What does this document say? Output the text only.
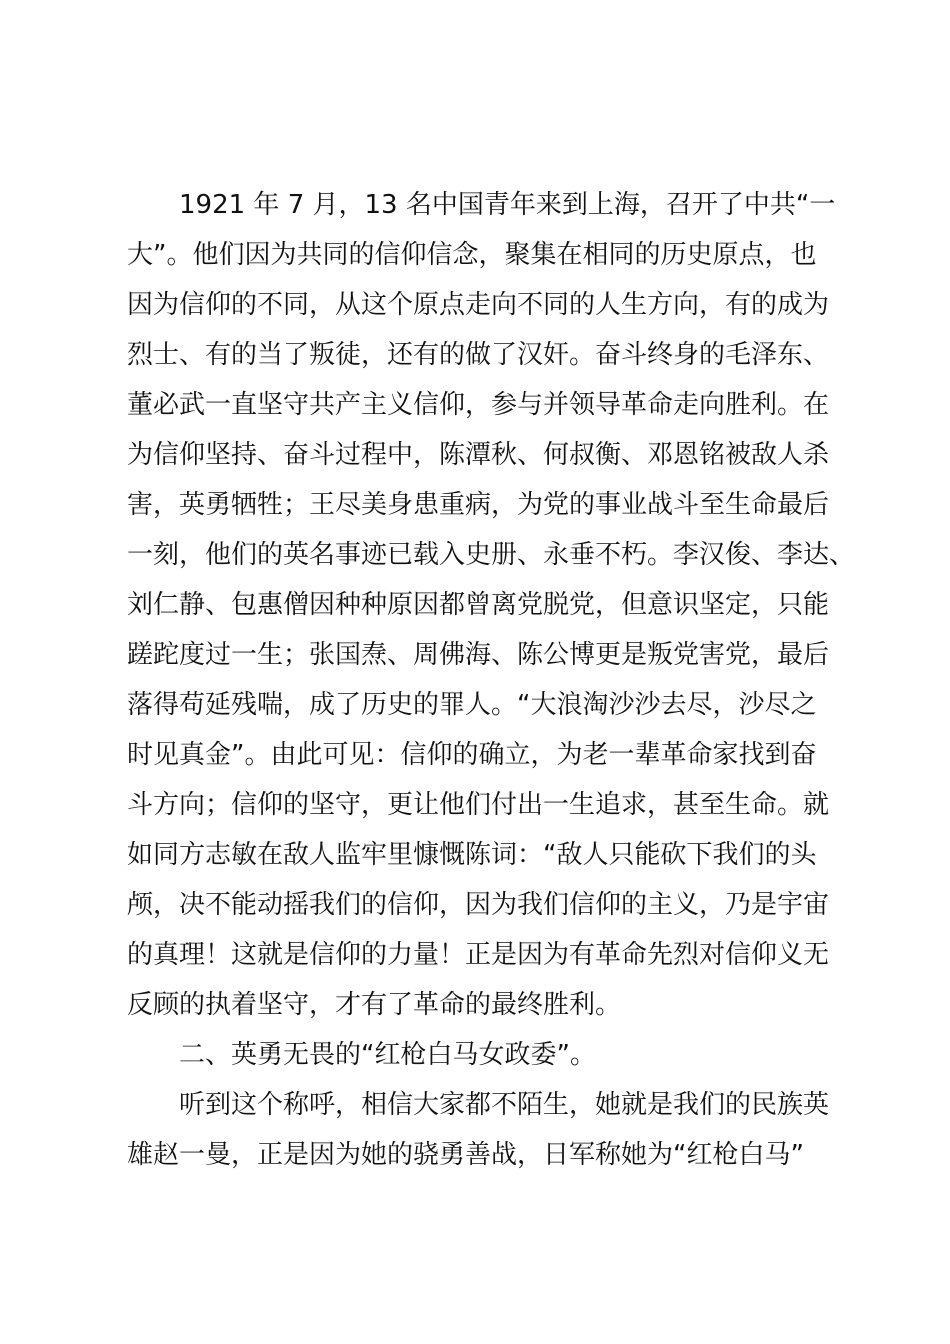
1921 年 7 月，13 名中国青年来到上海，召开了中共“一
大”。他们因为共同的信仰信念，聚集在相同的历史原点，也
因为信仰的不同，从这个原点走向不同的人生方向，有的成为
烈士、有的当了叛徒，还有的做了汉奸。奋斗终身的毛泽东、
董必武一直坚守共产主义信仰，参与并领导革命走向胜利。在
为信仰坚持、奋斗过程中，陈潭秋、何叔衡、邓恩铭被敌人杀
害，英勇牺牲；王尽美身患重病，为党的事业战斗至生命最后
一刻，他们的英名事迹已载入史册、永垂不朽。李汉俊、李达、
刘仁静、包惠僧因种种原因都曾离党脱党，但意识坚定，只能
蹉跎度过一生；张国焘、周佛海、陈公博更是叛党害党，最后
落得苟延残喘，成了历史的罪人。“大浪淘沙沙去尽，沙尽之
时见真金”。由此可见：信仰的确立，为老一辈革命家找到奋
斗方向；信仰的坚守，更让他们付出一生追求，甚至生命。就
如同方志敏在敌人监牢里慷慨陈词：“敌人只能砍下我们的头
颅，决不能动摇我们的信仰，因为我们信仰的主义，乃是宇宙
的真理！这就是信仰的力量！正是因为有革命先烈对信仰义无
反顾的执着坚守，才有了革命的最终胜利。
二、英勇无畏的“红枪白马女政委”。
听到这个称呼，相信大家都不陌生，她就是我们的民族英
雄赵一曼，正是因为她的骁勇善战，日军称她为“红枪白马”
